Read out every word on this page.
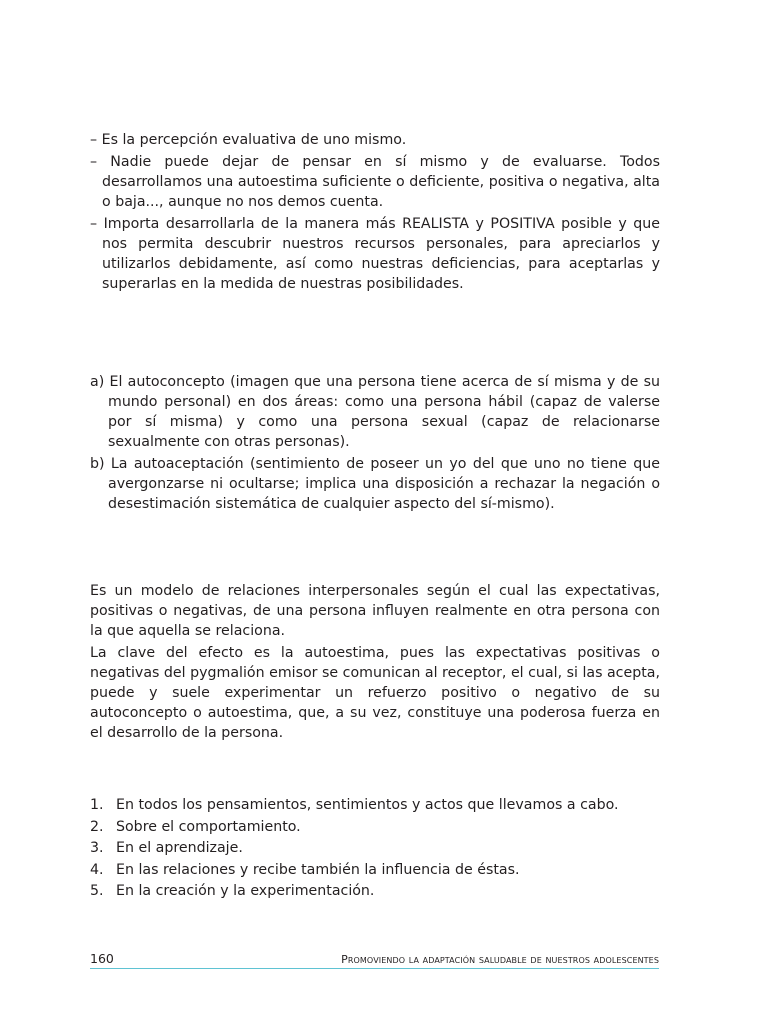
– Es la percepción evaluativa de uno mismo.

– Nadie puede dejar de pensar en sí mismo y de evaluarse. Todos desarrollamos una autoestima suficiente o deficiente, positiva o negativa, alta o baja..., aunque no nos demos cuenta.

– Importa desarrollarla de la manera más REALISTA y POSITIVA posible y que nos permita descubrir nuestros recursos personales, para apreciarlos y utilizarlos debidamente, así como nuestras deficiencias, para aceptarlas y superarlas en la medida de nuestras posibilidades.

a) El autoconcepto (imagen que una persona tiene acerca de sí misma y de su mundo personal) en dos áreas: como una persona hábil (capaz de valerse por sí misma) y como una persona sexual (capaz de relacionarse sexualmente con otras personas).

b) La autoaceptación (sentimiento de poseer un yo del que uno no tiene que avergonzarse ni ocultarse; implica una disposición a rechazar la negación o desestimación sistemática de cualquier aspecto del sí-mismo).

Es un modelo de relaciones interpersonales según el cual las expectativas, positivas o negativas, de una persona influyen realmente en otra persona con la que aquella se relaciona.

La clave del efecto es la autoestima, pues las expectativas positivas o negativas del pygmalión emisor se comunican al receptor, el cual, si las acepta, puede y suele experimentar un refuerzo positivo o negativo de su autoconcepto o autoestima, que, a su vez, constituye una poderosa fuerza en el desarrollo de la persona.

1. En todos los pensamientos, sentimientos y actos que llevamos a cabo.
2. Sobre el comportamiento.
3. En el aprendizaje.
4. En las relaciones y recibe también la influencia de éstas.
5. En la creación y la experimentación.
160	Promoviendo la adaptación saludable de nuestros adolescentes
